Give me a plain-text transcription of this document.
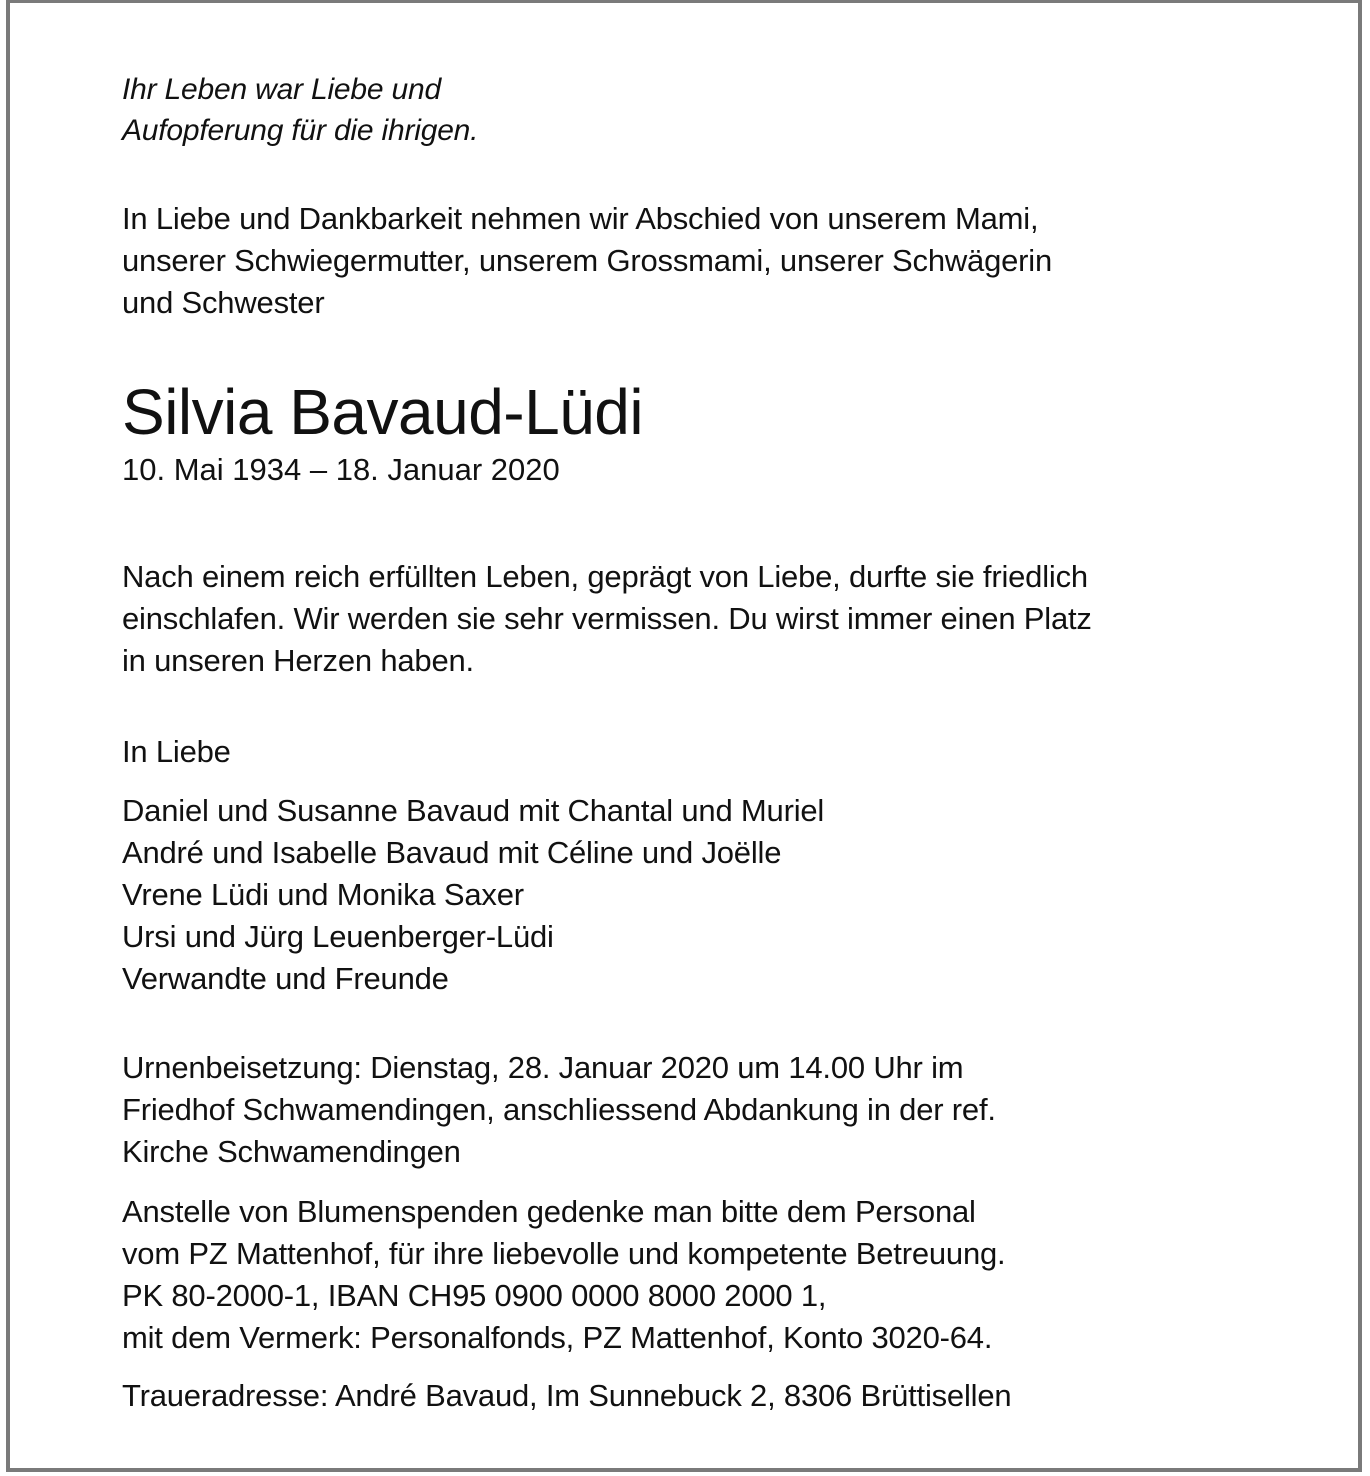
Ihr Leben war Liebe und
Aufopferung für die ihrigen.
In Liebe und Dankbarkeit nehmen wir Abschied von unserem Mami,
unserer Schwiegermutter, unserem Grossmami, unserer Schwägerin
und Schwester
Silvia Bavaud-Lüdi
10. Mai 1934 – 18. Januar 2020
Nach einem reich erfüllten Leben, geprägt von Liebe, durfte sie friedlich
einschlafen. Wir werden sie sehr vermissen. Du wirst immer einen Platz
in unseren Herzen haben.
In Liebe
Daniel und Susanne Bavaud mit Chantal und Muriel
André und Isabelle Bavaud mit Céline und Joëlle
Vrene Lüdi und Monika Saxer
Ursi und Jürg Leuenberger-Lüdi
Verwandte und Freunde
Urnenbeisetzung: Dienstag, 28. Januar 2020 um 14.00 Uhr im
Friedhof Schwamendingen, anschliessend Abdankung in der ref.
Kirche Schwamendingen
Anstelle von Blumenspenden gedenke man bitte dem Personal
vom PZ Mattenhof, für ihre liebevolle und kompetente Betreuung.
PK 80-2000-1, IBAN CH95 0900 0000 8000 2000 1,
mit dem Vermerk: Personalfonds, PZ Mattenhof, Konto 3020-64.
Traueradresse: André Bavaud, Im Sunnebuck 2, 8306 Brüttisellen
